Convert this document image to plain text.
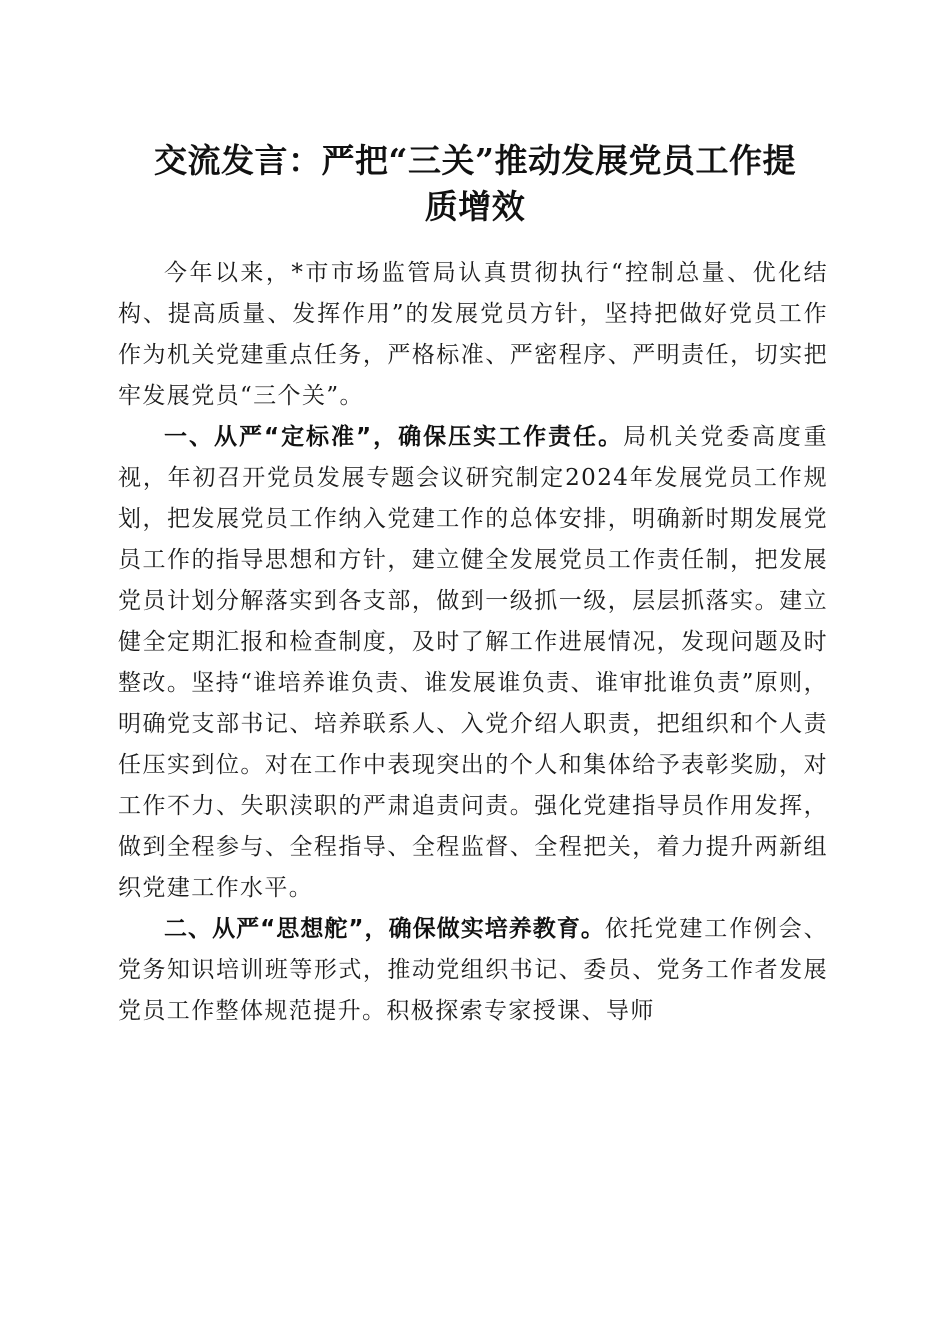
交流发言：严把“三关”推动发展党员工作提
质增效

今年以来，*市市场监管局认真贯彻执行“控制总量、优化结构、提高质量、发挥作用”的发展党员方针，坚持把做好党员工作作为机关党建重点任务，严格标准、严密程序、严明责任，切实把牢发展党员“三个关”。

一、从严“定标准”，确保压实工作责任。局机关党委高度重视，年初召开党员发展专题会议研究制定2024年发展党员工作规划，把发展党员工作纳入党建工作的总体安排，明确新时期发展党员工作的指导思想和方针，建立健全发展党员工作责任制，把发展党员计划分解落实到各支部，做到一级抓一级，层层抓落实。建立健全定期汇报和检查制度，及时了解工作进展情况，发现问题及时整改。坚持“谁培养谁负责、谁发展谁负责、谁审批谁负责”原则，明确党支部书记、培养联系人、入党介绍人职责，把组织和个人责任压实到位。对在工作中表现突出的个人和集体给予表彰奖励，对工作不力、失职渎职的严肃追责问责。强化党建指导员作用发挥，做到全程参与、全程指导、全程监督、全程把关，着力提升两新组织党建工作水平。

二、从严“思想舵”，确保做实培养教育。依托党建工作例会、党务知识培训班等形式，推动党组织书记、委员、党务工作者发展党员工作整体规范提升。积极探索专家授课、导师
